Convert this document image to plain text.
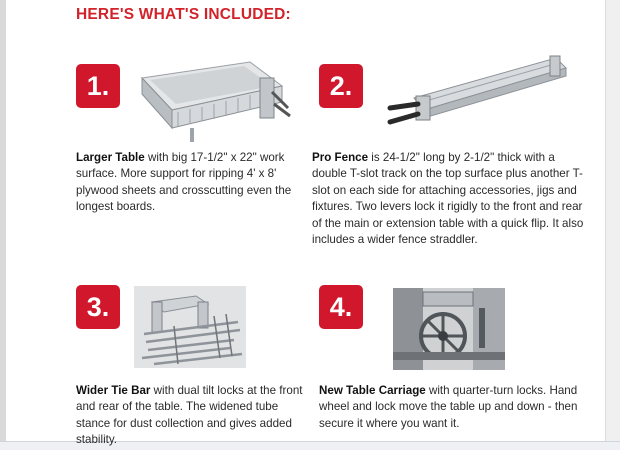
HERE'S WHAT'S INCLUDED:
1.
Larger Table with big 17-1/2" x 22" work surface. More support for ripping 4' x 8' plywood sheets and crosscutting even the longest boards.
2.
Pro Fence is 24-1/2" long by 2-1/2" thick with a double T-slot track on the top surface plus another T-slot on each side for attaching accessories, jigs and fixtures. Two levers lock it rigidly to the front and rear of the main or extension table with a quick flip. It also includes a wider fence straddler.
3.
Wider Tie Bar with dual tilt locks at the front and rear of the table. The widened tube stance for dust collection and gives added stability.
4.
New Table Carriage with quarter-turn locks. Hand wheel and lock move the table up and down - then secure it where you want it.
